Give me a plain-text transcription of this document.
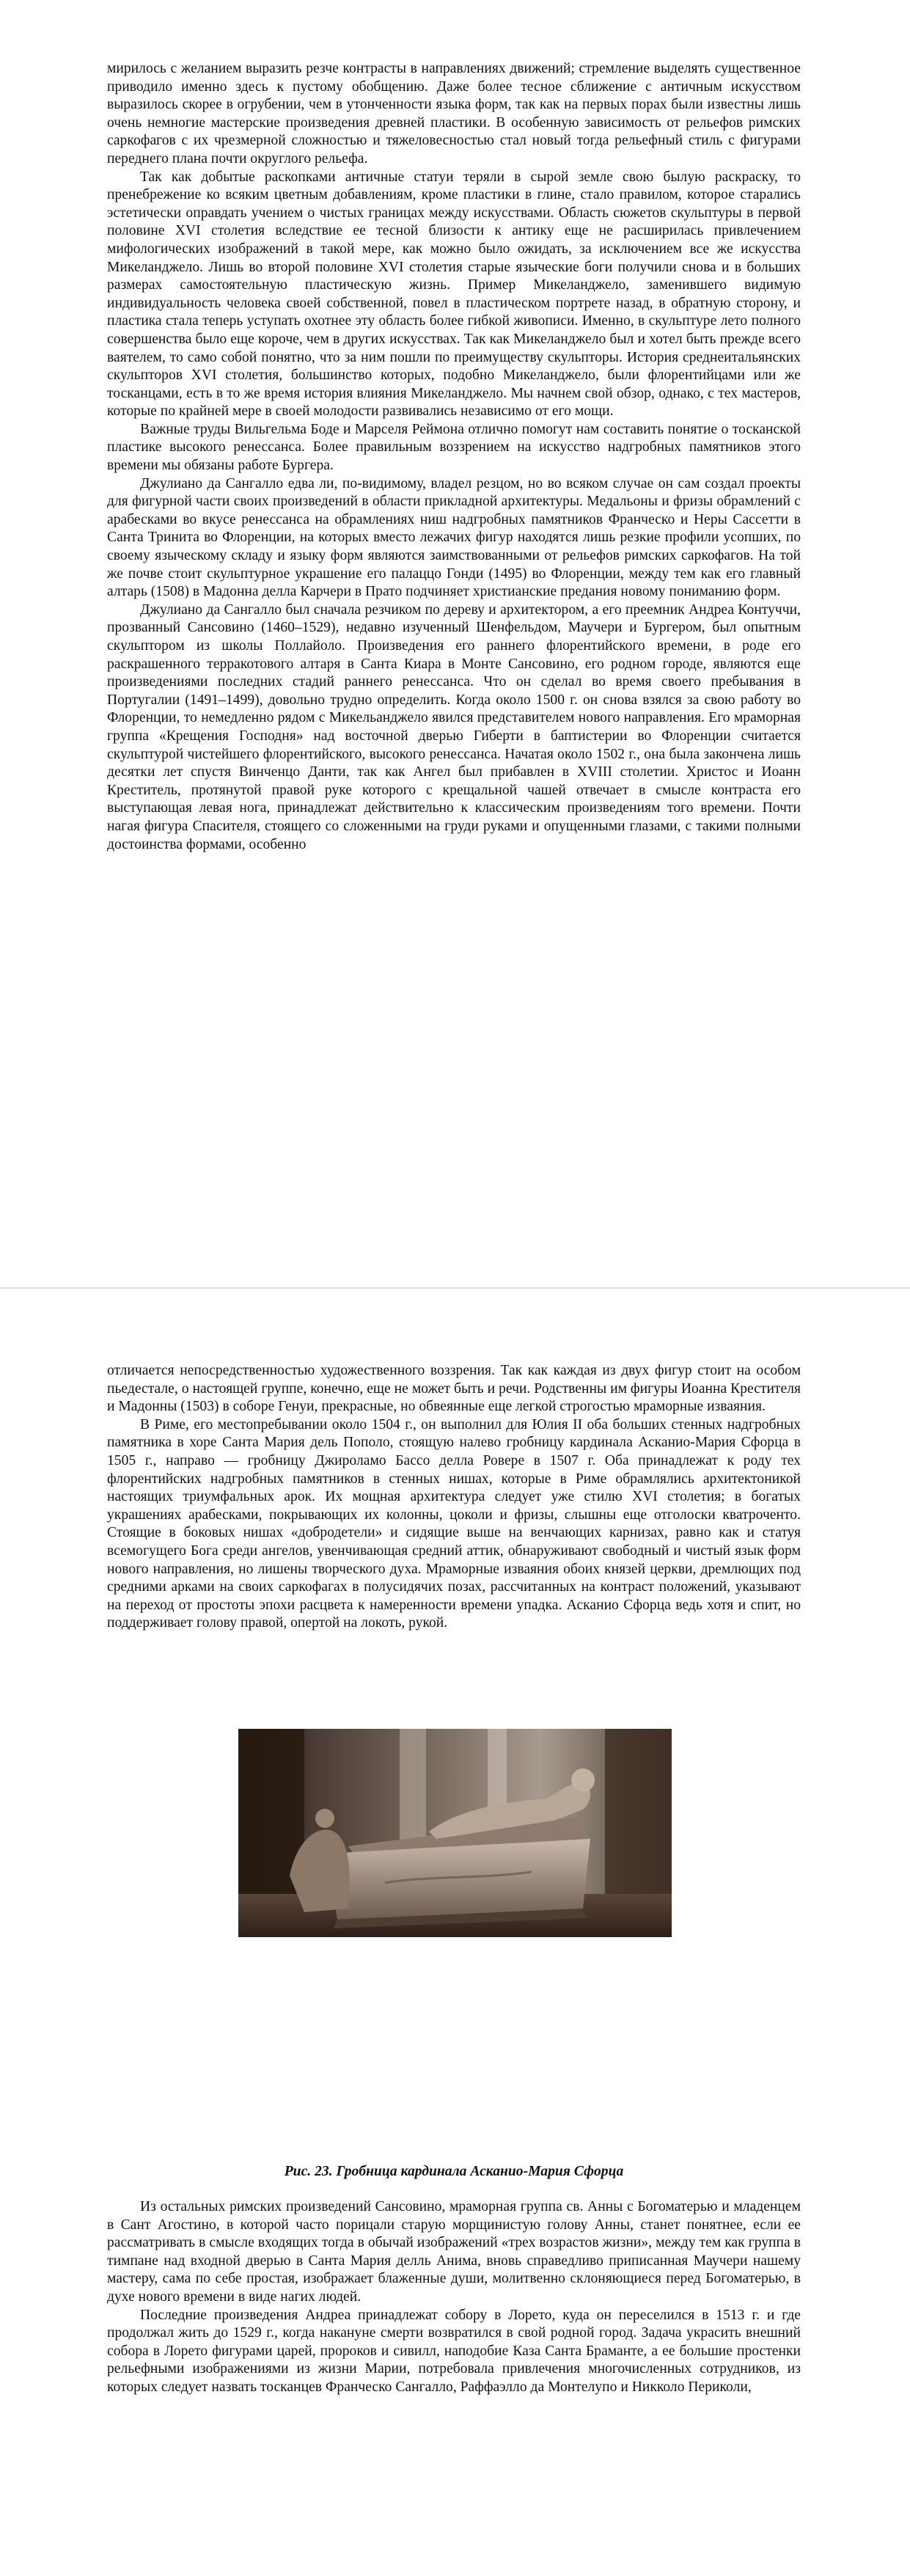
мирилось с желанием выразить резче контрасты в направлениях движений; стремление выделять существенное приводило именно здесь к пустому обобщению. Даже более тесное сближение с античным искусством выразилось скорее в огрубении, чем в утонченности языка форм, так как на первых порах были известны лишь очень немногие мастерские произведения древней пластики. В особенную зависимость от рельефов римских саркофагов с их чрезмерной сложностью и тяжеловесностью стал новый тогда рельефный стиль с фигурами переднего плана почти округлого рельефа.

Так как добытые раскопками античные статуи теряли в сырой земле свою былую раскраску, то пренебрежение ко всяким цветным добавлениям, кроме пластики в глине, стало правилом, которое старались эстетически оправдать учением о чистых границах между искусствами. Область сюжетов скульптуры в первой половине XVI столетия вследствие ее тесной близости к антику еще не расширилась привлечением мифологических изображений в такой мере, как можно было ожидать, за исключением все же искусства Микеланджело. Лишь во второй половине XVI столетия старые языческие боги получили снова и в больших размерах самостоятельную пластическую жизнь. Пример Микеланджело, заменившего видимую индивидуальность человека своей собственной, повел в пластическом портрете назад, в обратную сторону, и пластика стала теперь уступать охотнее эту область более гибкой живописи. Именно, в скульптуре лето полного совершенства было еще короче, чем в других искусствах. Так как Микеланджело был и хотел быть прежде всего ваятелем, то само собой понятно, что за ним пошли по преимуществу скульпторы. История среднеитальянских скульпторов XVI столетия, большинство которых, подобно Микеланджело, были флорентийцами или же тосканцами, есть в то же время история влияния Микеланджело. Мы начнем свой обзор, однако, с тех мастеров, которые по крайней мере в своей молодости развивались независимо от его мощи.

Важные труды Вильгельма Боде и Марселя Реймона отлично помогут нам составить понятие о тосканской пластике высокого ренессанса. Более правильным воззрением на искусство надгробных памятников этого времени мы обязаны работе Бургера.

Джулиано да Сангалло едва ли, по-видимому, владел резцом, но во всяком случае он сам создал проекты для фигурной части своих произведений в области прикладной архитектуры. Медальоны и фризы обрамлений с арабесками во вкусе ренессанса на обрамлениях ниш надгробных памятников Франческо и Неры Сассетти в Санта Тринита во Флоренции, на которых вместо лежачих фигур находятся лишь резкие профили усопших, по своему языческому складу и языку форм являются заимствованными от рельефов римских саркофагов. На той же почве стоит скульптурное украшение его палаццо Гонди (1495) во Флоренции, между тем как его главный алтарь (1508) в Мадонна делла Карчери в Прато подчиняет христианские предания новому пониманию форм.

Джулиано да Сангалло был сначала резчиком по дереву и архитектором, а его преемник Андреа Контуччи, прозванный Сансовино (1460–1529), недавно изученный Шенфельдом, Маучери и Бургером, был опытным скульптором из школы Поллайоло. Произведения его раннего флорентийского времени, в роде его раскрашенного терракотового алтаря в Санта Киара в Монте Сансовино, его родном городе, являются еще произведениями последних стадий раннего ренессанса. Что он сделал во время своего пребывания в Португалии (1491–1499), довольно трудно определить. Когда около 1500 г. он снова взялся за свою работу во Флоренции, то немедленно рядом с Микельанджело явился представителем нового направления. Его мраморная группа «Крещения Господня» над восточной дверью Гиберти в баптистерии во Флоренции считается скульптурой чистейшего флорентийского, высокого ренессанса. Начатая около 1502 г., она была закончена лишь десятки лет спустя Винченцо Данти, так как Ангел был прибавлен в XVIII столетии. Христос и Иоанн Креститель, протянутой правой руке которого с крещальной чашей отвечает в смысле контраста его выступающая левая нога, принадлежат действительно к классическим произведениям того времени. Почти нагая фигура Спасителя, стоящего со сложенными на груди руками и опущенными глазами, с такими полными достоинства формами, особенно

отличается непосредственностью художественного воззрения. Так как каждая из двух фигур стоит на особом пьедестале, о настоящей группе, конечно, еще не может быть и речи. Родственны им фигуры Иоанна Крестителя и Мадонны (1503) в соборе Генуи, прекрасные, но обвеянные еще легкой строгостью мраморные изваяния.

В Риме, его местопребывании около 1504 г., он выполнил для Юлия II оба больших стенных надгробных памятника в хоре Санта Мария дель Пополо, стоящую налево гробницу кардинала Асканио-Мария Сфорца в 1505 г., направо — гробницу Джироламо Бассо делла Ровере в 1507 г. Оба принадлежат к роду тех флорентийских надгробных памятников в стенных нишах, которые в Риме обрамлялись архитектоникой настоящих триумфальных арок. Их мощная архитектура следует уже стилю XVI столетия; в богатых украшениях арабесками, покрывающих их колонны, цоколи и фризы, слышны еще отголоски кватроченто. Стоящие в боковых нишах «добродетели» и сидящие выше на венчающих карнизах, равно как и статуя всемогущего Бога среди ангелов, увенчивающая средний аттик, обнаруживают свободный и чистый язык форм нового направления, но лишены творческого духа. Мраморные изваяния обоих князей церкви, дремлющих под средними арками на своих саркофагах в полусидячих позах, рассчитанных на контраст положений, указывают на переход от простоты эпохи расцвета к намеренности времени упадка. Асканио Сфорца ведь хотя и спит, но поддерживает голову правой, опертой на локоть, рукой.

Рис. 23. Гробница кардинала Асканио-Мария Сфорца

Из остальных римских произведений Сансовино, мраморная группа св. Анны с Богоматерью и младенцем в Сант Агостино, в которой часто порицали старую морщинистую голову Анны, станет понятнее, если ее рассматривать в смысле входящих тогда в обычай изображений «трех возрастов жизни», между тем как группа в тимпане над входной дверью в Санта Мария делль Анима, вновь справедливо приписанная Маучери нашему мастеру, сама по себе простая, изображает блаженные души, молитвенно склоняющиеся перед Богоматерью, в духе нового времени в виде нагих людей.

Последние произведения Андреа принадлежат собору в Лорето, куда он переселился в 1513 г. и где продолжал жить до 1529 г., когда накануне смерти возвратился в свой родной город. Задача украсить внешний собора в Лорето фигурами царей, пророков и сивилл, наподобие Каза Санта Браманте, а ее большие простенки рельефными изображениями из жизни Марии, потребовала привлечения многочисленных сотрудников, из которых следует назвать тосканцев Франческо Сангалло, Раффаэлло да Монтелупо и Никколо Периколи,
